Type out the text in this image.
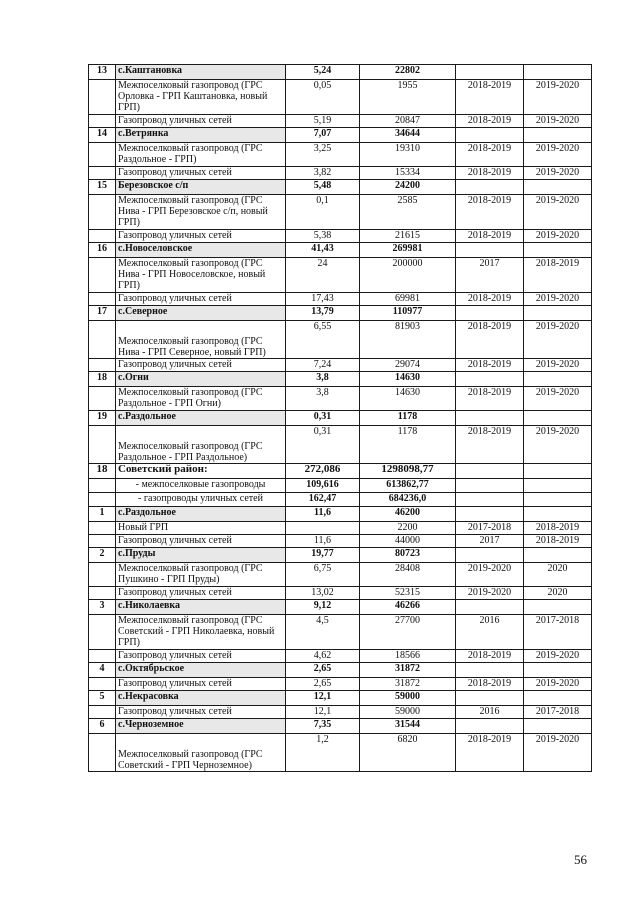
13	с.Каштановка	5,24	22802		
	Межпоселковый газопровод (ГРС Орловка - ГРП Каштановка, новый ГРП)	0,05	1955	2018-2019	2019-2020
	Газопровод уличных сетей	5,19	20847	2018-2019	2019-2020
14	с.Ветрянка	7,07	34644		
	Межпоселковый газопровод (ГРС Раздольное - ГРП)	3,25	19310	2018-2019	2019-2020
	Газопровод уличных сетей	3,82	15334	2018-2019	2019-2020
15	Березовское с/п	5,48	24200		
	Межпоселковый газопровод (ГРС Нива - ГРП Березовское с/п, новый ГРП)	0,1	2585	2018-2019	2019-2020
	Газопровод уличных сетей	5,38	21615	2018-2019	2019-2020
16	с.Новоселовское	41,43	269981		
	Межпоселковый газопровод (ГРС Нива - ГРП Новоселовское, новый ГРП)	24	200000	2017	2018-2019
	Газопровод уличных сетей	17,43	69981	2018-2019	2019-2020
17	с.Северное	13,79	110977		
	Межпоселковый газопровод (ГРС Нива - ГРП Северное, новый ГРП)	6,55	81903	2018-2019	2019-2020
	Газопровод уличных сетей	7,24	29074	2018-2019	2019-2020
18	с.Огни	3,8	14630		
	Межпоселковый газопровод (ГРС Раздольное - ГРП Огни)	3,8	14630	2018-2019	2019-2020
19	с.Раздольное	0,31	1178		
	Межпоселковый газопровод (ГРС Раздольное - ГРП Раздольное)	0,31	1178	2018-2019	2019-2020
18	Советский район:	272,086	1298098,77		
	- межпоселковые газопроводы	109,616	613862,77		
	- газопроводы уличных сетей	162,47	684236,0		
1	с.Раздольное	11,6	46200		
	Новый ГРП		2200	2017-2018	2018-2019
	Газопровод уличных сетей	11,6	44000	2017	2018-2019
2	с.Пруды	19,77	80723		
	Межпоселковый газопровод (ГРС Пушкино - ГРП Пруды)	6,75	28408	2019-2020	2020
	Газопровод уличных сетей	13,02	52315	2019-2020	2020
3	с.Николаевка	9,12	46266		
	Межпоселковый газопровод (ГРС Советский - ГРП Николаевка, новый ГРП)	4,5	27700	2016	2017-2018
	Газопровод уличных сетей	4,62	18566	2018-2019	2019-2020
4	с.Октябрьское	2,65	31872		
	Газопровод уличных сетей	2,65	31872	2018-2019	2019-2020
5	с.Некрасовка	12,1	59000		
	Газопровод уличных сетей	12,1	59000	2016	2017-2018
6	с.Черноземное	7,35	31544		
	Межпоселковый газопровод (ГРС Советский - ГРП Черноземное)	1,2	6820	2018-2019	2019-2020
56
